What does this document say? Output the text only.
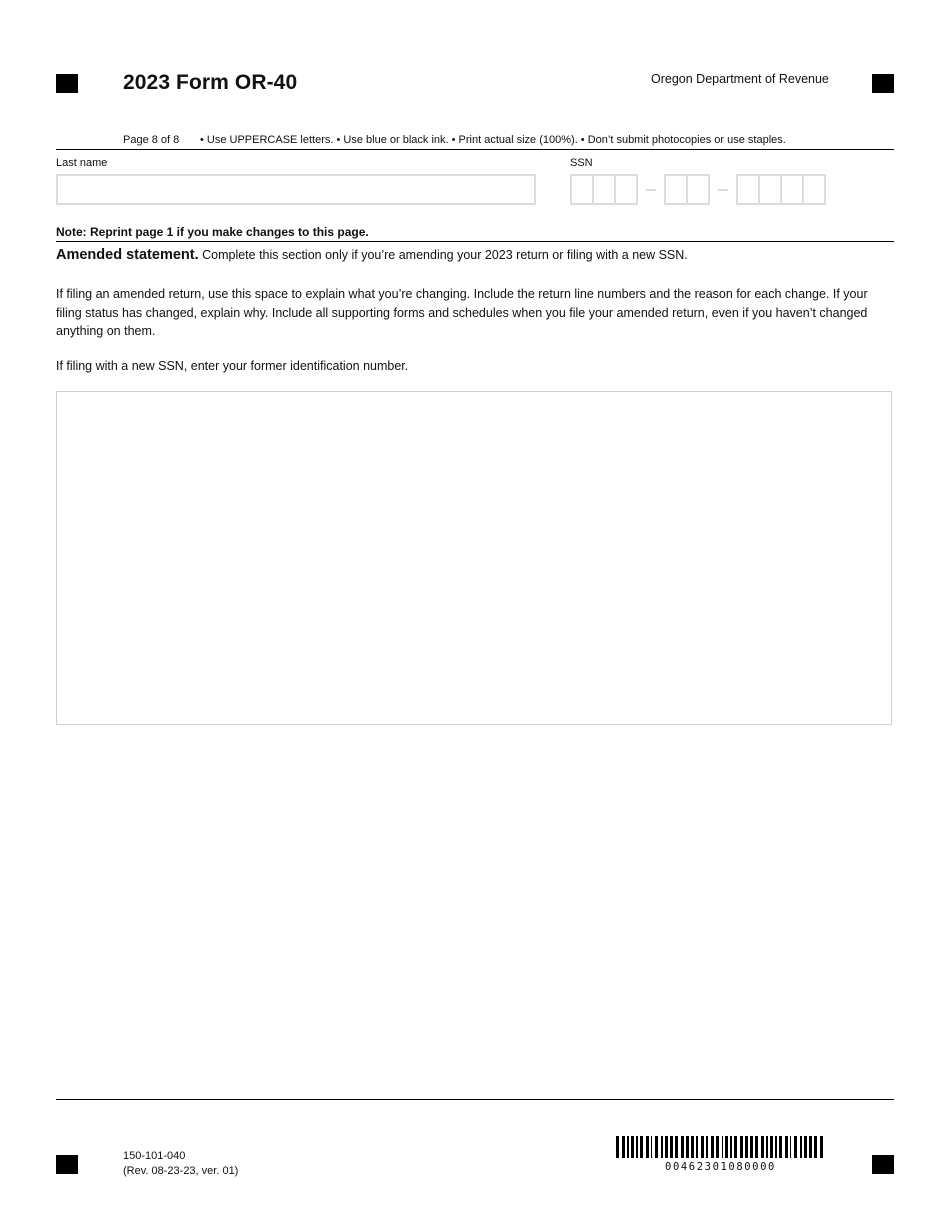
2023 Form OR-40	Oregon Department of Revenue
Page 8 of 8 • Use UPPERCASE letters. • Use blue or black ink. • Print actual size (100%). • Don’t submit photocopies or use staples.
Last name	SSN
Note: Reprint page 1 if you make changes to this page.
Amended statement. Complete this section only if you’re amending your 2023 return or filing with a new SSN.
If filing an amended return, use this space to explain what you’re changing. Include the return line numbers and the reason for each change. If your filing status has changed, explain why. Include all supporting forms and schedules when you file your amended return, even if you haven’t changed anything on them.
If filing with a new SSN, enter your former identification number.
150-101-040
(Rev. 08-23-23, ver. 01)	00462301080000
